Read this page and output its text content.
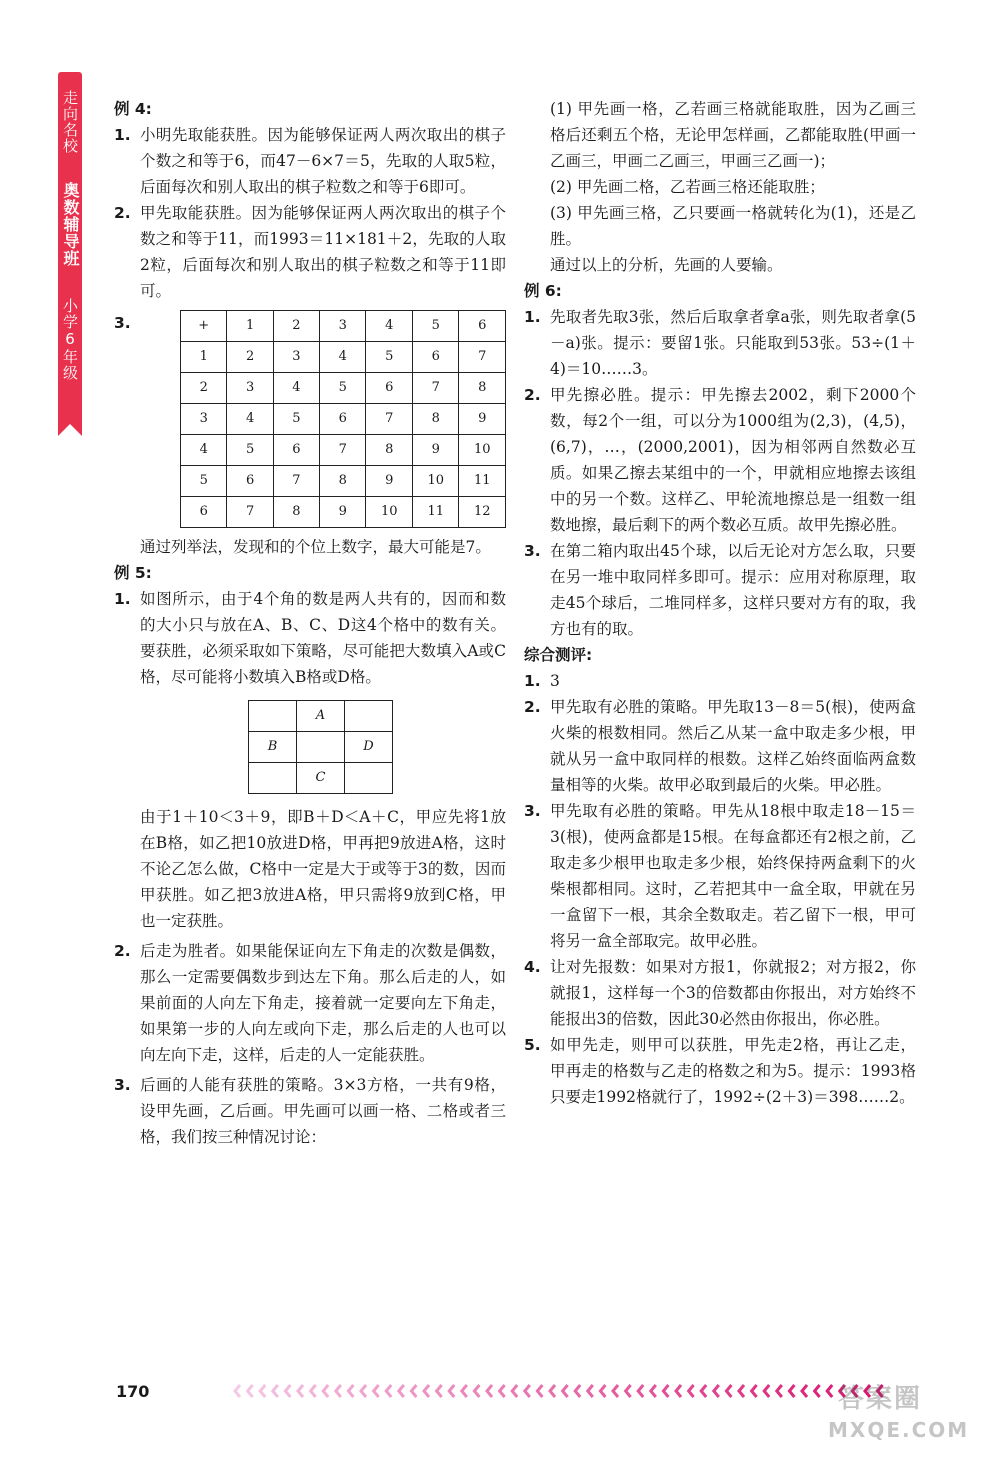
走向名校
奥数辅导班
小学6年级

例 4:

1. 小明先取能获胜。因为能够保证两人两次取出的棋子个数之和等于6，而47－6×7＝5，先取的人取5粒，后面每次和别人取出的棋子粒数之和等于6即可。
2. 甲先取能获胜。因为能够保证两人两次取出的棋子个数之和等于11，而1993＝11×181＋2，先取的人取2粒，后面每次和别人取出的棋子粒数之和等于11即可。
3.	+	1	2	3	4	5	6
1	2	3	4	5	6	7
2	3	4	5	6	7	8
3	4	5	6	7	8	9
4	5	6	7	8	9	10
5	6	7	8	9	10	11
6	7	8	9	10	11	12

通过列举法，发现和的个位上数字，最大可能是7。

例 5:

1. 如图所示，由于4个角的数是两人共有的，因而和数的大小只与放在A、B、C、D这4个格中的数有关。要获胜，必须采取如下策略，尽可能把大数填入A或C格，尽可能将小数填入B格或D格。
	A	
B		D
	C	

由于1＋10＜3＋9，即B＋D＜A＋C，甲应先将1放在B格，如乙把10放进D格，甲再把9放进A格，这时不论乙怎么做，C格中一定是大于或等于3的数，因而甲获胜。如乙把3放进A格，甲只需将9放到C格，甲也一定获胜。

2. 后走为胜者。如果能保证向左下角走的次数是偶数，那么一定需要偶数步到达左下角。那么后走的人，如果前面的人向左下角走，接着就一定要向左下角走，如果第一步的人向左或向下走，那么后走的人也可以向左向下走，这样，后走的人一定能获胜。
3. 后画的人能有获胜的策略。3×3方格，一共有9格，设甲先画，乙后画。甲先画可以画一格、二格或者三格，我们按三种情况讨论：

(1) 甲先画一格，乙若画三格就能取胜，因为乙画三格后还剩五个格，无论甲怎样画，乙都能取胜(甲画一乙画三，甲画二乙画三，甲画三乙画一)；

(2) 甲先画二格，乙若画三格还能取胜；

(3) 甲先画三格，乙只要画一格就转化为(1)，还是乙胜。

通过以上的分析，先画的人要输。

例 6:

1. 先取者先取3张，然后后取拿者拿a张，则先取者拿(5－a)张。提示：要留1张。只能取到53张。53÷(1＋4)＝10……3。
2. 甲先擦必胜。提示：甲先擦去2002，剩下2000个数，每2个一组，可以分为1000组为(2,3)，(4,5)，(6,7)，…，(2000,2001)，因为相邻两自然数必互质。如果乙擦去某组中的一个，甲就相应地擦去该组中的另一个数。这样乙、甲轮流地擦总是一组数一组数地擦，最后剩下的两个数必互质。故甲先擦必胜。
3. 在第二箱内取出45个球，以后无论对方怎么取，只要在另一堆中取同样多即可。提示：应用对称原理，取走45个球后，二堆同样多，这样只要对方有的取，我方也有的取。

综合测评:

1. 3
2. 甲先取有必胜的策略。甲先取13－8＝5(根)，使两盒火柴的根数相同。然后乙从某一盒中取走多少根，甲就从另一盒中取同样的根数。这样乙始终面临两盒数量相等的火柴。故甲必取到最后的火柴。甲必胜。
3. 甲先取有必胜的策略。甲先从18根中取走18－15＝3(根)，使两盒都是15根。在每盒都还有2根之前，乙取走多少根甲也取走多少根，始终保持两盒剩下的火柴根都相同。这时，乙若把其中一盒全取，甲就在另一盒留下一根，其余全数取走。若乙留下一根，甲可将另一盒全部取完。故甲必胜。
4. 让对先报数：如果对方报1，你就报2；对方报2，你就报1，这样每一个3的倍数都由你报出，对方始终不能报出3的倍数，因此30必然由你报出，你必胜。
5. 如甲先走，则甲可以获胜，甲先走2格，再让乙走，甲再走的格数与乙走的格数之和为5。提示：1993格只要走1992格就行了，1992÷(2＋3)＝398……2。
170	答案圈
MXQE.COM
